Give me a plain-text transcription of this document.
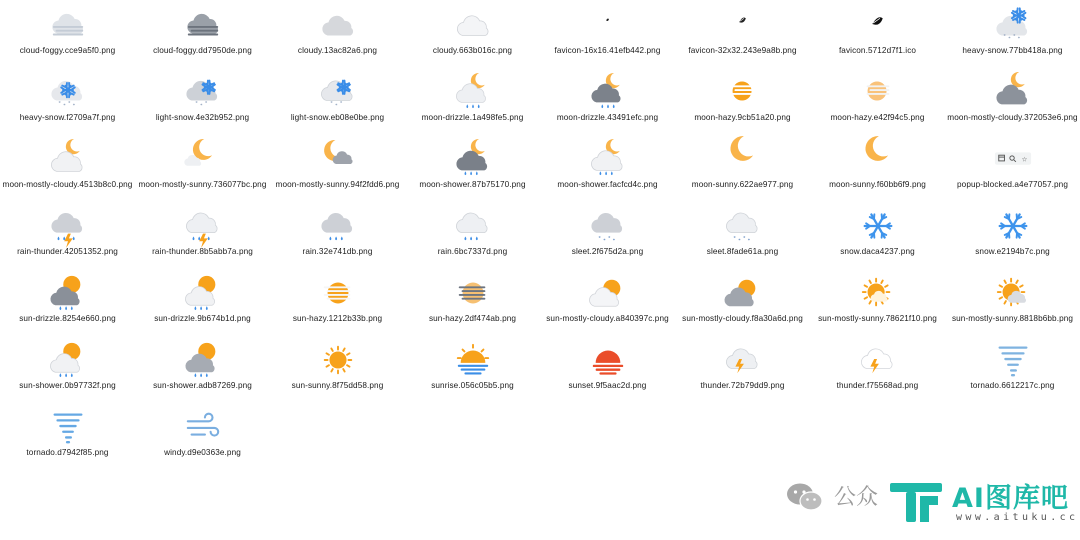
cloud-foggy.cce9a5f0.png	cloud-foggy.dd7950de.png	cloudy.13ac82a6.png	cloudy.663b016c.png	favicon-16x16.41efb442.png	favicon-32x32.243e9a8b.png	favicon.5712d7f1.ico
*
*
*
*
heavy-snow.77bb418a.png
*
*
*
*
heavy-snow.f2709a7f.png
*
*
*
light-snow.4e32b952.png
*
*
*
light-snow.eb08e0be.png	moon-drizzle.1a498fe5.png	moon-drizzle.43491efc.png	moon-hazy.9cb51a20.png	moon-hazy.e42f94c5.png	moon-mostly-cloudy.372053e6.png
moon-mostly-cloudy.4513b8c0.png moon-mostly-sunny.736077bc.png moon-mostly-sunny.94f2fdd6.png moon-shower.87b75170.png	moon-shower.facfcd4c.png	moon-sunny.622ae977.png	moon-sunny.f60bb6f9.png
☆
popup-blocked.a4e77057.png
rain-thunder.42051352.png	rain-thunder.8b5abb7a.png	rain.32e741db.png	rain.6bc7337d.png
*
*
*
*
sleet.2f675d2a.png
*
*
*
*
sleet.8fade61a.png	snow.daca4237.png	snow.e2194b7c.png
sun-drizzle.8254e660.png	sun-drizzle.9b674b1d.png	sun-hazy.1212b33b.png	sun-hazy.2df474ab.png	sun-mostly-cloudy.a840397c.png sun-mostly-cloudy.f8a30a6d.png sun-mostly-sunny.78621f10.png sun-mostly-sunny.8818b6bb.png
sun-shower.0b97732f.png	sun-shower.adb87269.png	sun-sunny.8f75dd58.png	sunrise.056c05b5.png	sunset.9f5aac2d.png	thunder.72b79dd9.png	thunder.f75568ad.png	tornado.6612217c.png
tornado.d7942f85.png	windy.d9e0363e.png
公众	AI图库吧
www.aituku.cc
